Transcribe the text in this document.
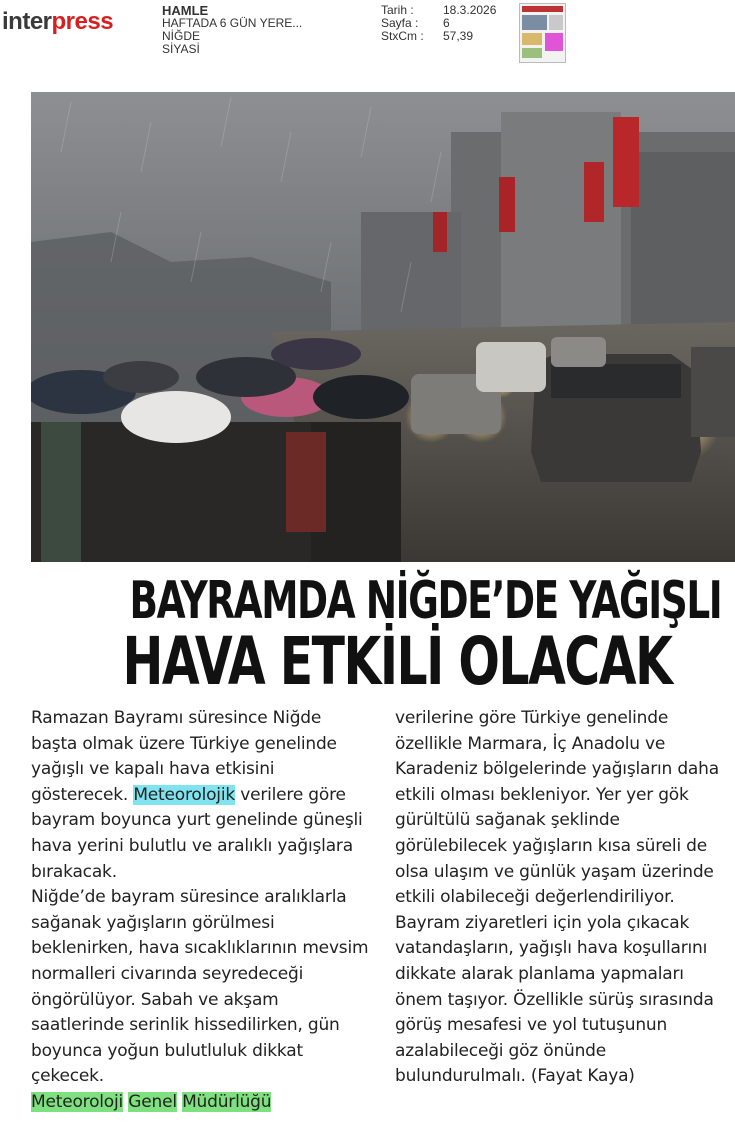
interpress	HAMLE
HAFTADA 6 GÜN YERE...
NİĞDE
SİYASİ
Tarih :	18.3.2026
Sayfa :	6
StxCm :	57,39
BAYRAMDA NİĞDE’DE YAĞIŞLI
HAVA ETKİLİ OLACAK

Ramazan Bayramı süresince Niğde başta olmak üzere Türkiye genelinde yağışlı ve kapalı hava etkisini gösterecek. Meteorolojik verilere göre bayram boyunca yurt genelinde güneşli hava yerini bulutlu ve aralıklı yağışlara bırakacak.

Niğde’de bayram süresince aralıklarla sağanak yağışların görülmesi beklenirken, hava sıcaklıklarının mevsim normalleri civarında seyredeceği öngörülüyor. Sabah ve akşam saatlerinde serinlik hissedilirken, gün boyunca yoğun bulutluluk dikkat çekecek.

Meteoroloji Genel Müdürlüğü

verilerine göre Türkiye genelinde özellikle Marmara, İç Anadolu ve Karadeniz bölgelerinde yağışların daha etkili olması bekleniyor. Yer yer gök gürültülü sağanak şeklinde görülebilecek yağışların kısa süreli de olsa ulaşım ve günlük yaşam üzerinde etkili olabileceği değerlendiriliyor.

Bayram ziyaretleri için yola çıkacak vatandaşların, yağışlı hava koşullarını dikkate alarak planlama yapmaları önem taşıyor. Özellikle sürüş sırasında görüş mesafesi ve yol tutuşunun azalabileceği göz önünde bulundurulmalı. (Fayat Kaya)
